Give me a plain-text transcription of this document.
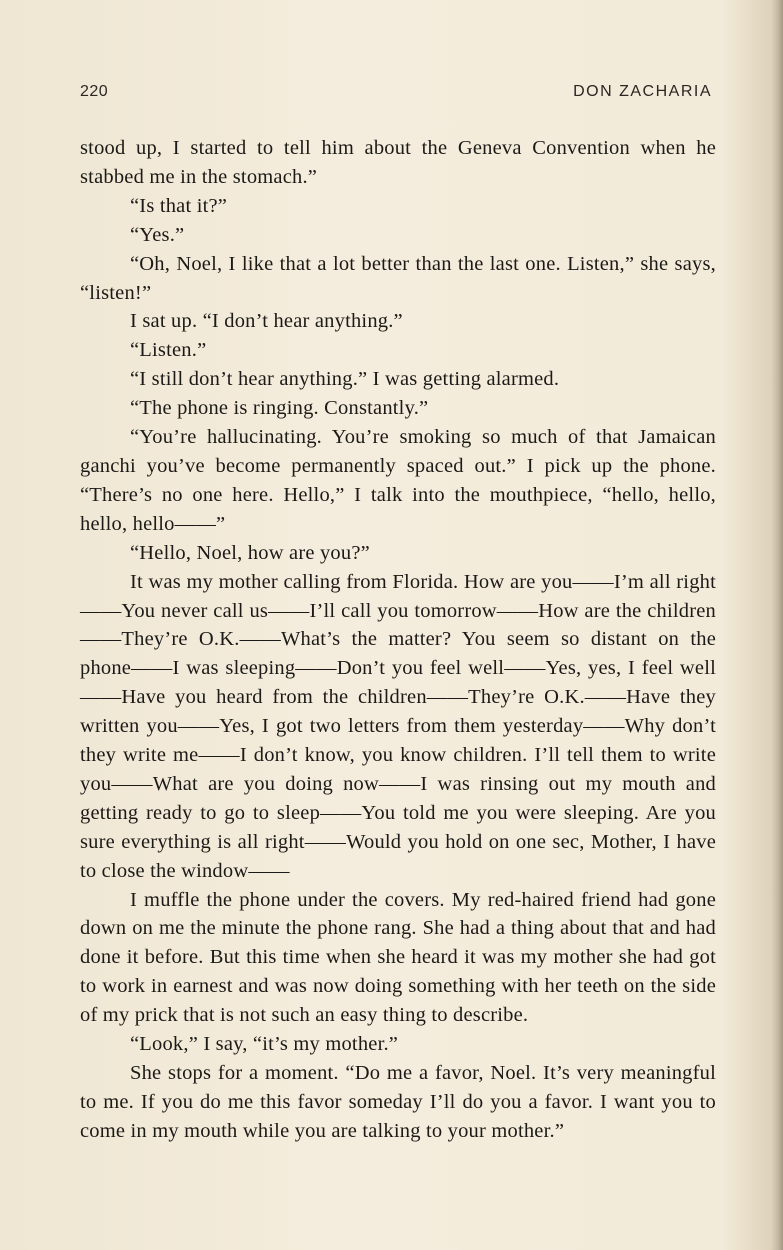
220	DON ZACHARIA

stood up, I started to tell him about the Geneva Convention when he stabbed me in the stomach.”

“Is that it?”

“Yes.”

“Oh, Noel, I like that a lot better than the last one. Listen,” she says, “listen!”

I sat up. “I don’t hear anything.”

“Listen.”

“I still don’t hear anything.” I was getting alarmed.

“The phone is ringing. Constantly.”

“You’re hallucinating. You’re smoking so much of that Jamaican ganchi you’ve become permanently spaced out.” I pick up the phone. “There’s no one here. Hello,” I talk into the mouthpiece, “hello, hello, hello, hello——”

“Hello, Noel, how are you?”

It was my mother calling from Florida. How are you——I’m all right——You never call us——I’ll call you tomorrow——How are the children——They’re O.K.——What’s the matter? You seem so distant on the phone——I was sleeping——Don’t you feel well——Yes, yes, I feel well——Have you heard from the children——They’re O.K.——Have they written you——Yes, I got two letters from them yesterday——Why don’t they write me——I don’t know, you know children. I’ll tell them to write you——What are you doing now——I was rinsing out my mouth and getting ready to go to sleep——You told me you were sleeping. Are you sure everything is all right——Would you hold on one sec, Mother, I have to close the window——

I muffle the phone under the covers. My red-haired friend had gone down on me the minute the phone rang. She had a thing about that and had done it before. But this time when she heard it was my mother she had got to work in earnest and was now doing something with her teeth on the side of my prick that is not such an easy thing to describe.

“Look,” I say, “it’s my mother.”

She stops for a moment. “Do me a favor, Noel. It’s very meaningful to me. If you do me this favor someday I’ll do you a favor. I want you to come in my mouth while you are talking to your mother.”
